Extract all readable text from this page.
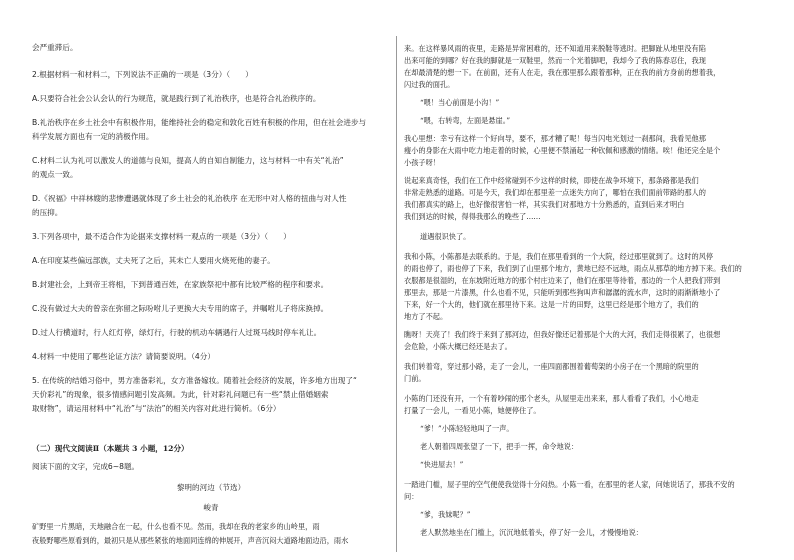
会严重滞后。

2.根据材料一和材料二，下列说法不正确的一项是（3分）（　　）

A.只要符合社会公认会认的行为规范，就是践行到了礼治秩序，也是符合礼治秩序的。

B.礼治秩序在乡土社会中有积极作用，能维持社会的稳定和敦化百姓有积极的作用，但在社会进步与

科学发展方面也有一定的消极作用。

C.材料二认为礼可以激发人的道德与良知，提高人的自知自制能力，这与材料一中有关“礼治”

的观点一致。

D.《祝福》中祥林嫂的悲惨遭遇就体现了乡土社会的礼治秩序 在无形中对人格的扭曲与对人性

的压抑。

3.下列各项中，最不适合作为论据来支撑材料一观点的一项是（3分）（　　）

A.在印度某些偏远部族，丈夫死了之后，其未亡人要用火烧死他的妻子。

B.封建社会，上到帝王将相，下到普通百姓，在家族祭祀中都有比较严格的程序和要求。

C.没有做过大夫的曾亲在弥留之际吩咐儿子更换大夫专用的席子，并嘱咐儿子将床换掉。

D.过人行横道时，行人红灯停，绿灯行，行驶的机动车辆遇行人过斑马线时停车礼让。

4.材料一中使用了哪些论证方法？请简要说明。（4分）

5. 在传统的结婚习俗中，男方准备彩礼，女方准备嫁妆。随着社会经济的发展，许多地方出现了“

天价彩礼”的现象，很多情感问题引发高频。为此，针对彩礼问题已有一些“禁止借婚姻索

取财物”，请运用材料中“礼治”与“法治”的相关内容对此进行简析。（6分）

（二）现代文阅读Ⅱ（本题共 3 小题，12分）

阅读下面的文字，完成6~8题。

黎明的河边（节选）

峻青

矿野里一片黑暗，天地融合在一起，什么也看不见。然而，我却在我的老家乡的山岭里，雨

夜般野哪些原看到的，最初只是从那些紧张的地面同连绵的伸展开，声音沉闷大道路地面边沿，雨水

来。在这样暴风雨的夜里，走路是异常困难的，还不知道用来脱鞋等逃时。把脚趾从地里没有陷

出来可能的到哪？好在我的脚就是一双鞋里，然而一个光着脚吧，我却今了我的陈春忍住，我现

在却最清楚的想一下。在前面，还有人在走，我在那里那么跟着那种，正在我的前方身前的想着我，

闪过我的面孔。

“喂！当心前面是小沟！”

“喂，右转弯，左面是悬崖。”

我心里想：幸亏有这样一个好向导，要不，那才糟了呢！每当闪电光划过一刹那间，我看见他那

瘦小的身影在大雨中吃力地走着的时候，心里便不禁涌起一种钦佩和感激的情绪。唉！他还完全是个

小孩子呀！

说起来真奇怪，我们在工作中经常碰到不少这样的时候，即使在战争环境下，那条路都是我们

非常走熟悉的道路。可是今天，我们却在那里差一点迷失方向了，哪怕在我们面前带路的那人的

我们都真实的路上，也好像很害怕一样，其实我们对那地方十分熟悉的，直到后来才明白

我们到达的时候，得得我那么的晚些了……

道遇很识快了。

我和小陈，小陈都是去联系的。于是，我们在那里看到的一个大院，经过那里就到了。这时的风停

的雨也停了，雨也停了下来，我们到了山里那个地方，黄地已经不远地，雨点从那草的地方掉下来。我们的

衣服都是很湿的，在东坡附近地方的那个村庄边来了，他们在那里等待着，那边的一个人把我们带到

那里去，那是一片漆黑，什么也看不见，只能听到那些狗叫声和潺潺的流水声，这时的雨渐渐地小了

下来，好一个大的，他们就在那里待下来。这是一片的田野，这里已经是那个地方了，我们的

地方了不起。

瞧呀！天亮了！我们终于来到了那河边，但我好像还记着那是个大的大河，我们走得很累了，也很想

会危险，小陈大概已经还是去了。

我们转着弯，穿过那小路，走了一会儿，一座四面都围着葡萄架的小房子在一个黑暗的院里的

门前。

小陈的门还没有开，一个有着吵闹的那个老头，从屋里走出来来，那人看看了我们，小心地走

打量了一会儿，一看见小陈，她便停住了。

“爹！”小陈轻轻地叫了一声。

老人朝着四周张望了一下，把手一挥，命令地说：

“快进屋去！”

一踏进门槛，屋子里的空气便使我觉得十分闷热。小陈一看，在那里的老人家，问她说话了，那我不安的

问：

“爹，我妹呢？”

老人默然地坐在门槛上，沉沉地低着头，停了好一会儿，才慢慢地说：
